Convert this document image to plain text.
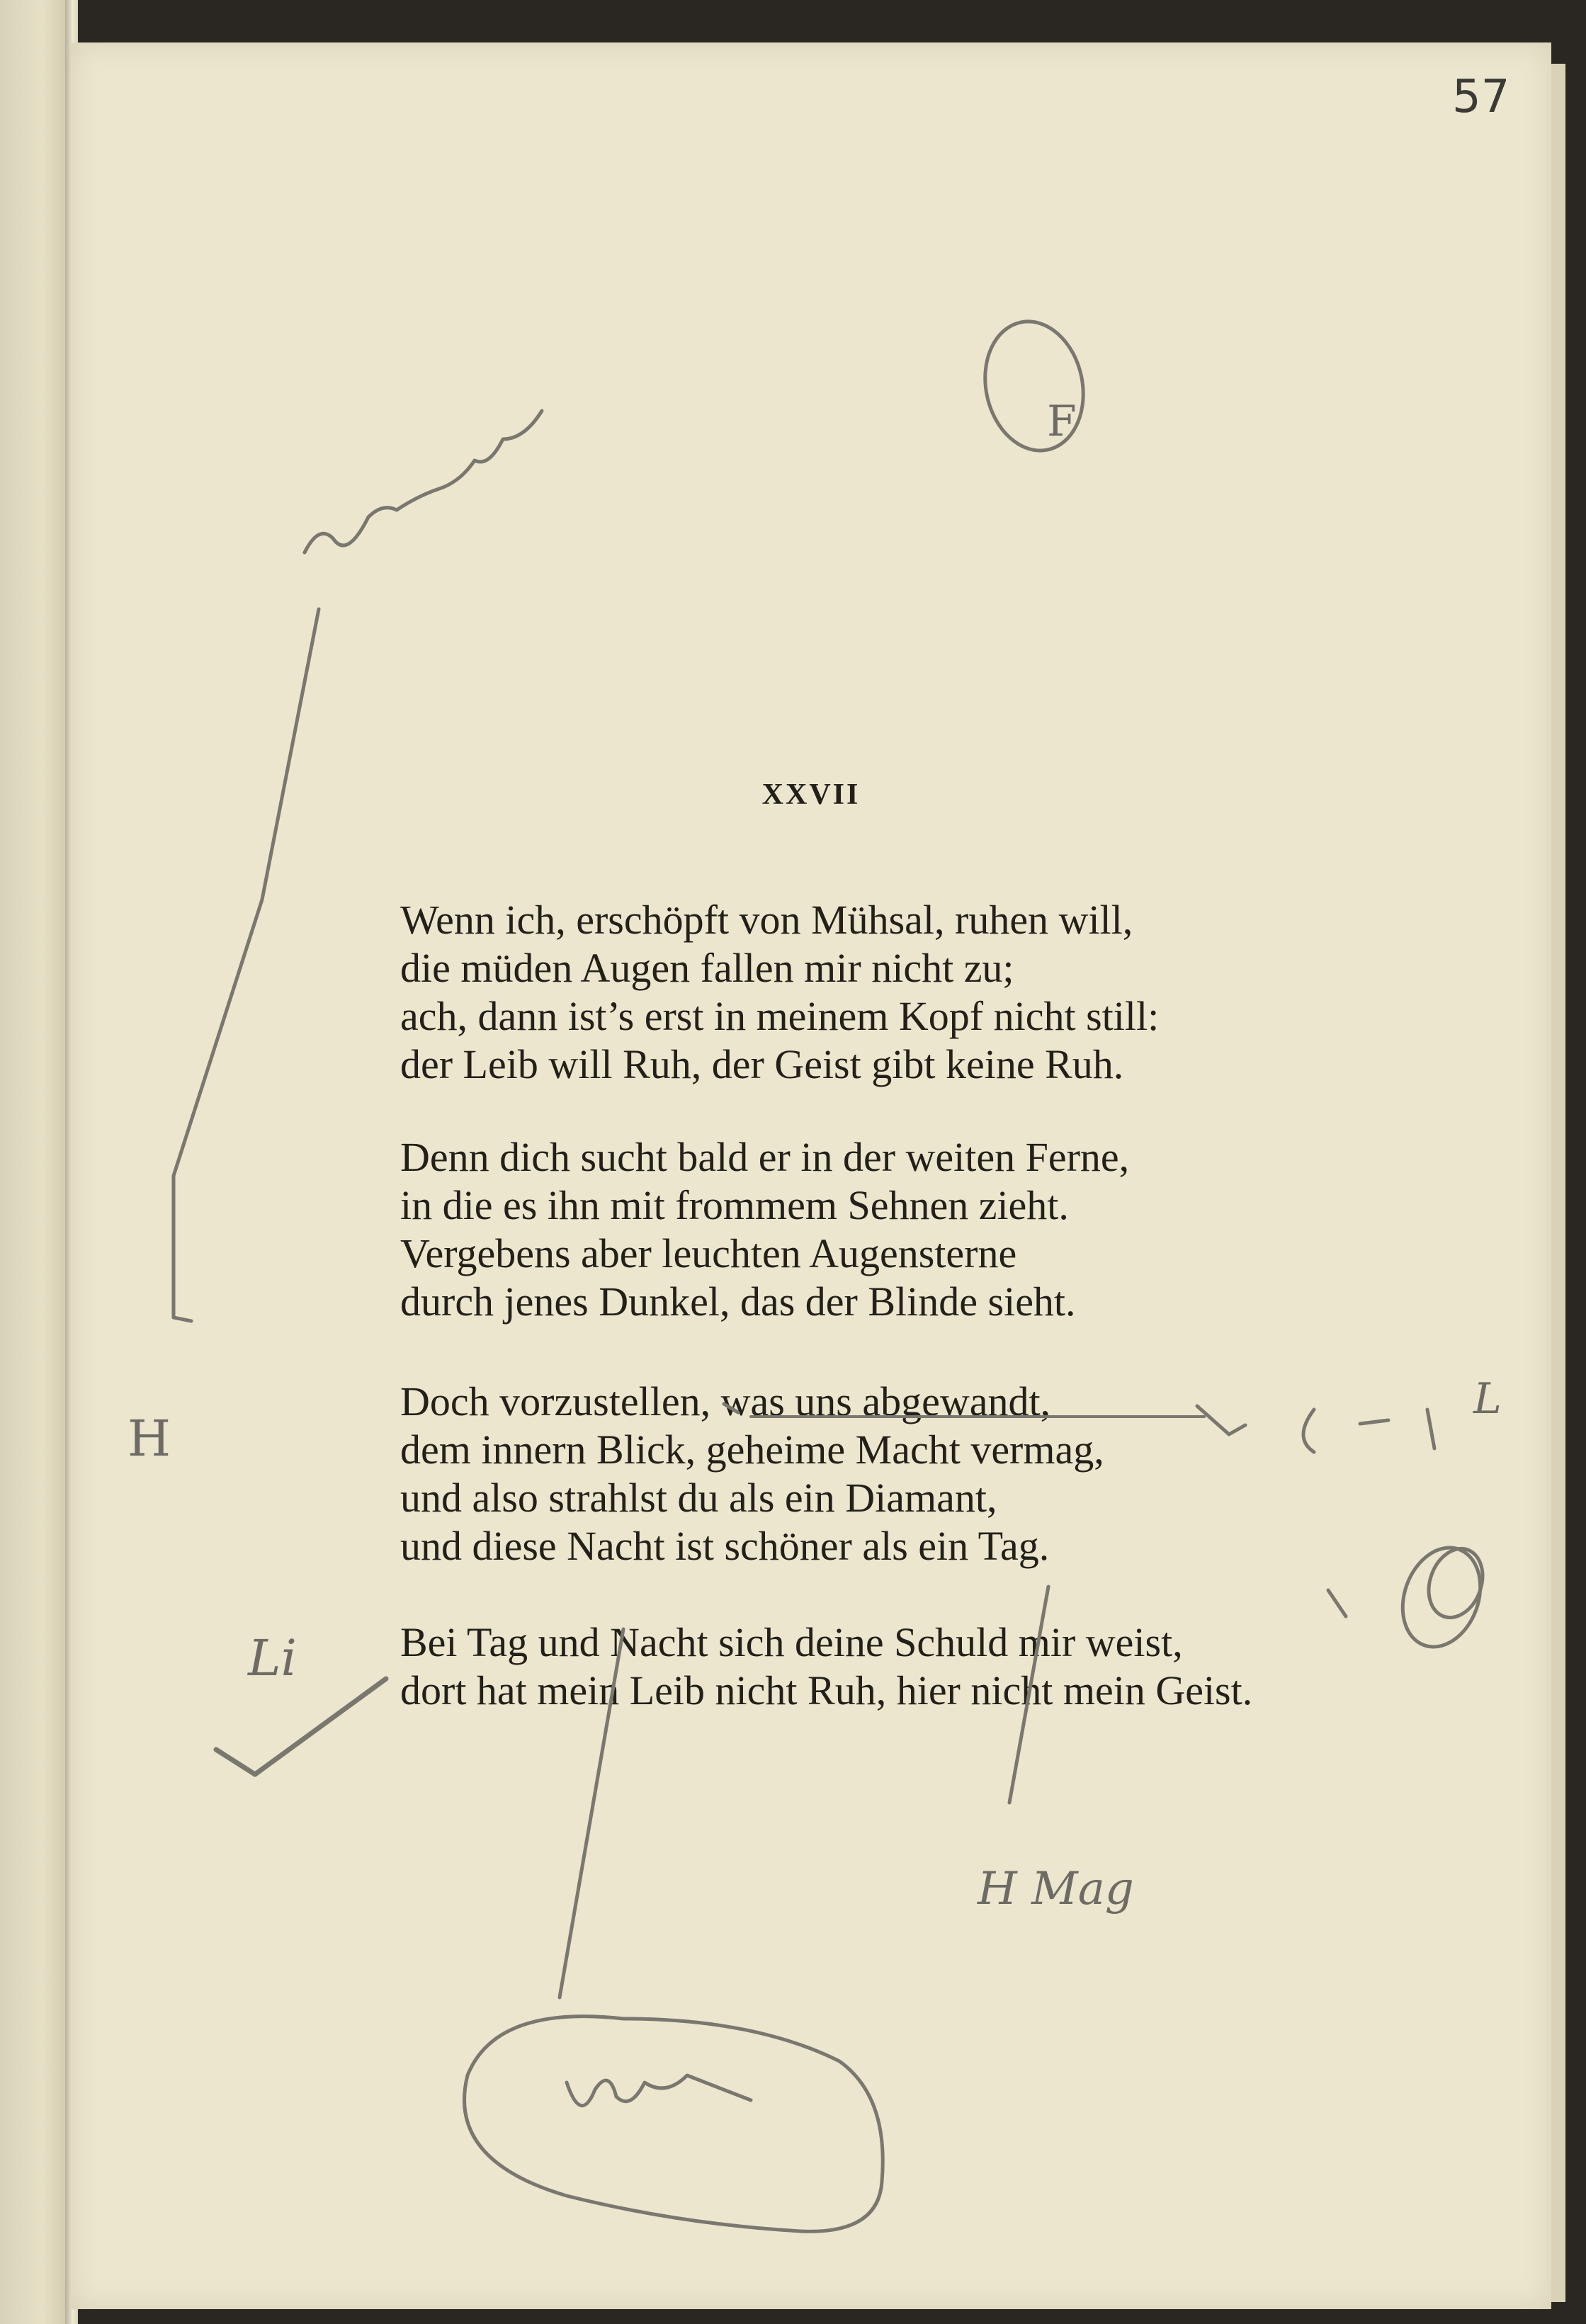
57
XXVII
Wenn ich, erschöpft von Mühsal, ruhen will,
die müden Augen fallen mir nicht zu;
ach, dann ist’s erst in meinem Kopf nicht still:
der Leib will Ruh, der Geist gibt keine Ruh.
Denn dich sucht bald er in der weiten Ferne,
in die es ihn mit frommem Sehnen zieht.
Vergebens aber leuchten Augensterne
durch jenes Dunkel, das der Blinde sieht.
Doch vorzustellen, was uns abgewandt,
dem innern Blick, geheime Macht vermag,
und also strahlst du als ein Diamant,
und diese Nacht ist schöner als ein Tag.
Bei Tag und Nacht sich deine Schuld mir weist,
dort hat mein Leib nicht Ruh, hier nicht mein Geist.
H
H Mag
Li
L
F
